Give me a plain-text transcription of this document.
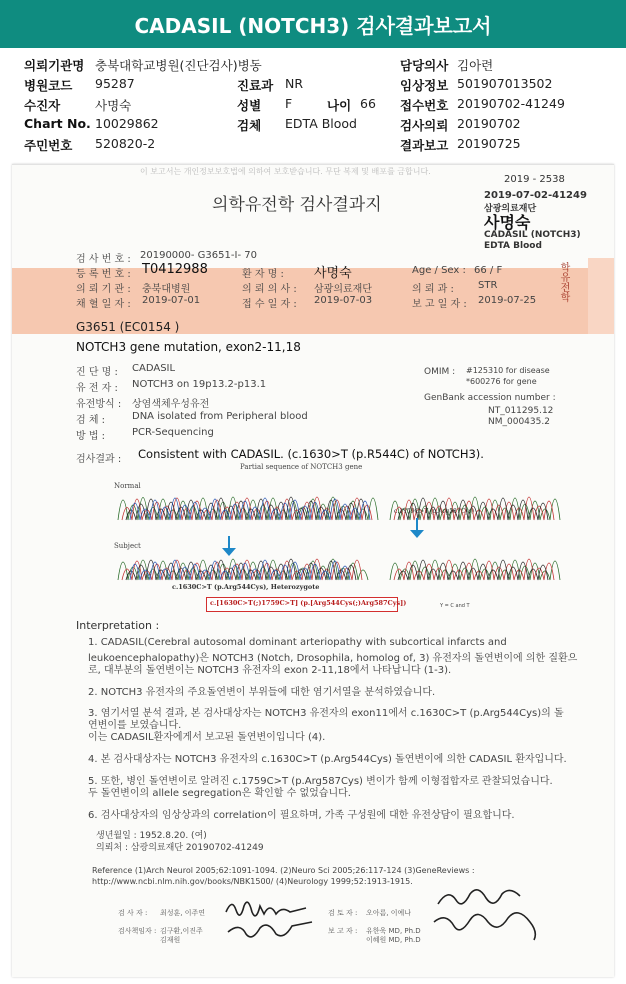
CADASIL (NOTCH3) 검사결과보고서
의뢰기관명 충북대학교병원(진단검사)병동
병원코드 95287
수진자	사명숙
Chart No. 10029862
주민번호 520820-2
진료과 NR
성별 F	나이 66
검체 EDTA Blood
담당의사 김아련
임상정보 501907013502
접수번호 20190702-41249
검사의뢰 20190702
결과보고 20190725
이 보고서는 개인정보보호법에 의하여 보호받습니다. 무단 복제 및 배포를 금합니다.
2019 - 2538
2019-07-02-41249
삼광의료재단
사명숙
CADASIL (NOTCH3)
EDTA Blood
의학유전학 검사결과지
학유전학
검 사 번 호 : 20190000- G3651-I- 70
등 록 번 호 : T0412988	환 자 명 : 사명숙	Age / Sex : 66 / F
의 뢰 기 관 : 충북대병원	의 뢰 의 사 : 삼광의료재단	의 뢰 과 : STR
채 혈 일 자 : 2019-07-01	접 수 일 자 : 2019-07-03	보 고 일 자 : 2019-07-25
G3651 (EC0154 )
NOTCH3 gene mutation, exon2-11,18
진 단 명 : CADASIL
유 전 자 : NOTCH3 on 19p13.2-p13.1
유전방식 : 상염색체우성유전
검 체 :	DNA isolated from Peripheral blood
방 법 :	PCR-Sequencing
OMIM : #125310 for disease
*600276 for gene
GenBank accession number :
NT_011295.12
NM_000435.2
검사결과 : Consistent with CADASIL. (c.1630>T (p.R544C) of NOTCH3).
Partial sequence of NOTCH3 gene
Normal
Subject
c.1759C>T (p.Arg587Cys)
c.1630C>T (p.Arg544Cys), Heterozygote
c.[1630C>T(;)1759C>T] (p.[Arg544Cys(;)Arg587Cys])	Y = C and T
Interpretation :
1. CADASIL(Cerebral autosomal dominant arteriopathy with subcortical infarcts and
leukoencephalopathy)은 NOTCH3 (Notch, Drosophila, homolog of, 3) 유전자의 돌연변이에 의한 질환으
로, 대부분의 돌연변이는 NOTCH3 유전자의 exon 2-11,18에서 나타납니다 (1-3).
2. NOTCH3 유전자의 주요돌연변이 부위들에 대한 염기서열을 분석하였습니다.
3. 염기서열 분석 결과, 본 검사대상자는 NOTCH3 유전자의 exon11에서 c.1630C>T (p.Arg544Cys)의 돌
연변이를 보였습니다.
이는 CADASIL환자에게서 보고된 돌연변이입니다 (4).
4. 본 검사대상자는 NOTCH3 유전자의 c.1630C>T (p.Arg544Cys) 돌연변이에 의한 CADASIL 환자입니다.
5. 또한, 병인 돌연변이로 알려진 c.1759C>T (p.Arg587Cys) 변이가 함께 이형접합자로 관찰되었습니다.
두 돌연변이의 allele segregation은 확인할 수 없었습니다.
6. 검사대상자의 임상상과의 correlation이 필요하며, 가족 구성원에 대한 유전상담이 필요합니다.
생년월일 : 1952.8.20. (여)
의뢰처 : 삼광의료재단 20190702-41249
Reference (1)Arch Neurol 2005;62:1091-1094. (2)Neuro Sci 2005;26:117-124 (3)GeneReviews :
http://www.ncbi.nlm.nih.gov/books/NBK1500/ (4)Neurology 1999;52:1913-1915.
검 사 자 : 최성훈, 이주연
검사책임자 : 김구환,이진주
김재원
검 토 자 : 오아름, 이예나
보 고 자 : 유한욱 MD, Ph.D
이혜원 MD, Ph.D
